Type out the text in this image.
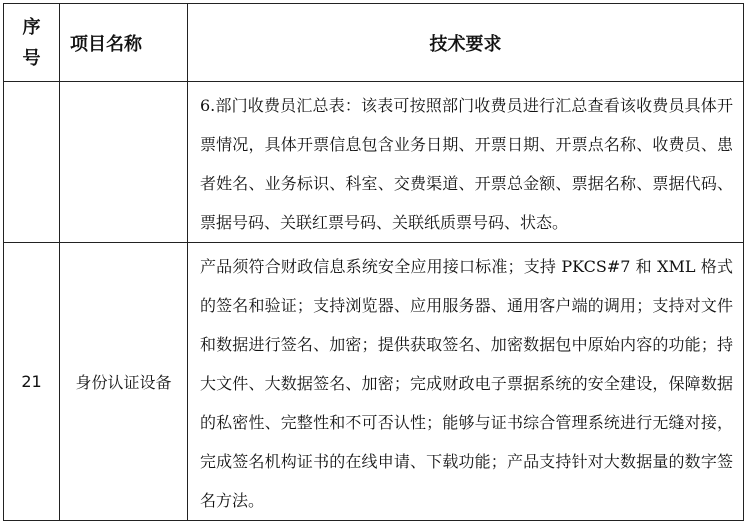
序
号	项目名称	技术要求
		6.部门收费员汇总表：该表可按照部门收费员进行汇总查看该收费员具体开票情况，具体开票信息包含业务日期、开票日期、开票点名称、收费员、患者姓名、业务标识、科室、交费渠道、开票总金额、票据名称、票据代码、票据号码、关联红票号码、关联纸质票号码、状态。
21	身份认证设备	产品须符合财政信息系统安全应用接口标准；支持 PKCS#7 和 XML 格式的签名和验证；支持浏览器、应用服务器、通用客户端的调用；支持对文件和数据进行签名、加密；提供获取签名、加密数据包中原始内容的功能；持大文件、大数据签名、加密；完成财政电子票据系统的安全建设，保障数据的私密性、完整性和不可否认性；能够与证书综合管理系统进行无缝对接，完成签名机构证书的在线申请、下载功能；产品支持针对大数据量的数字签名方法。
